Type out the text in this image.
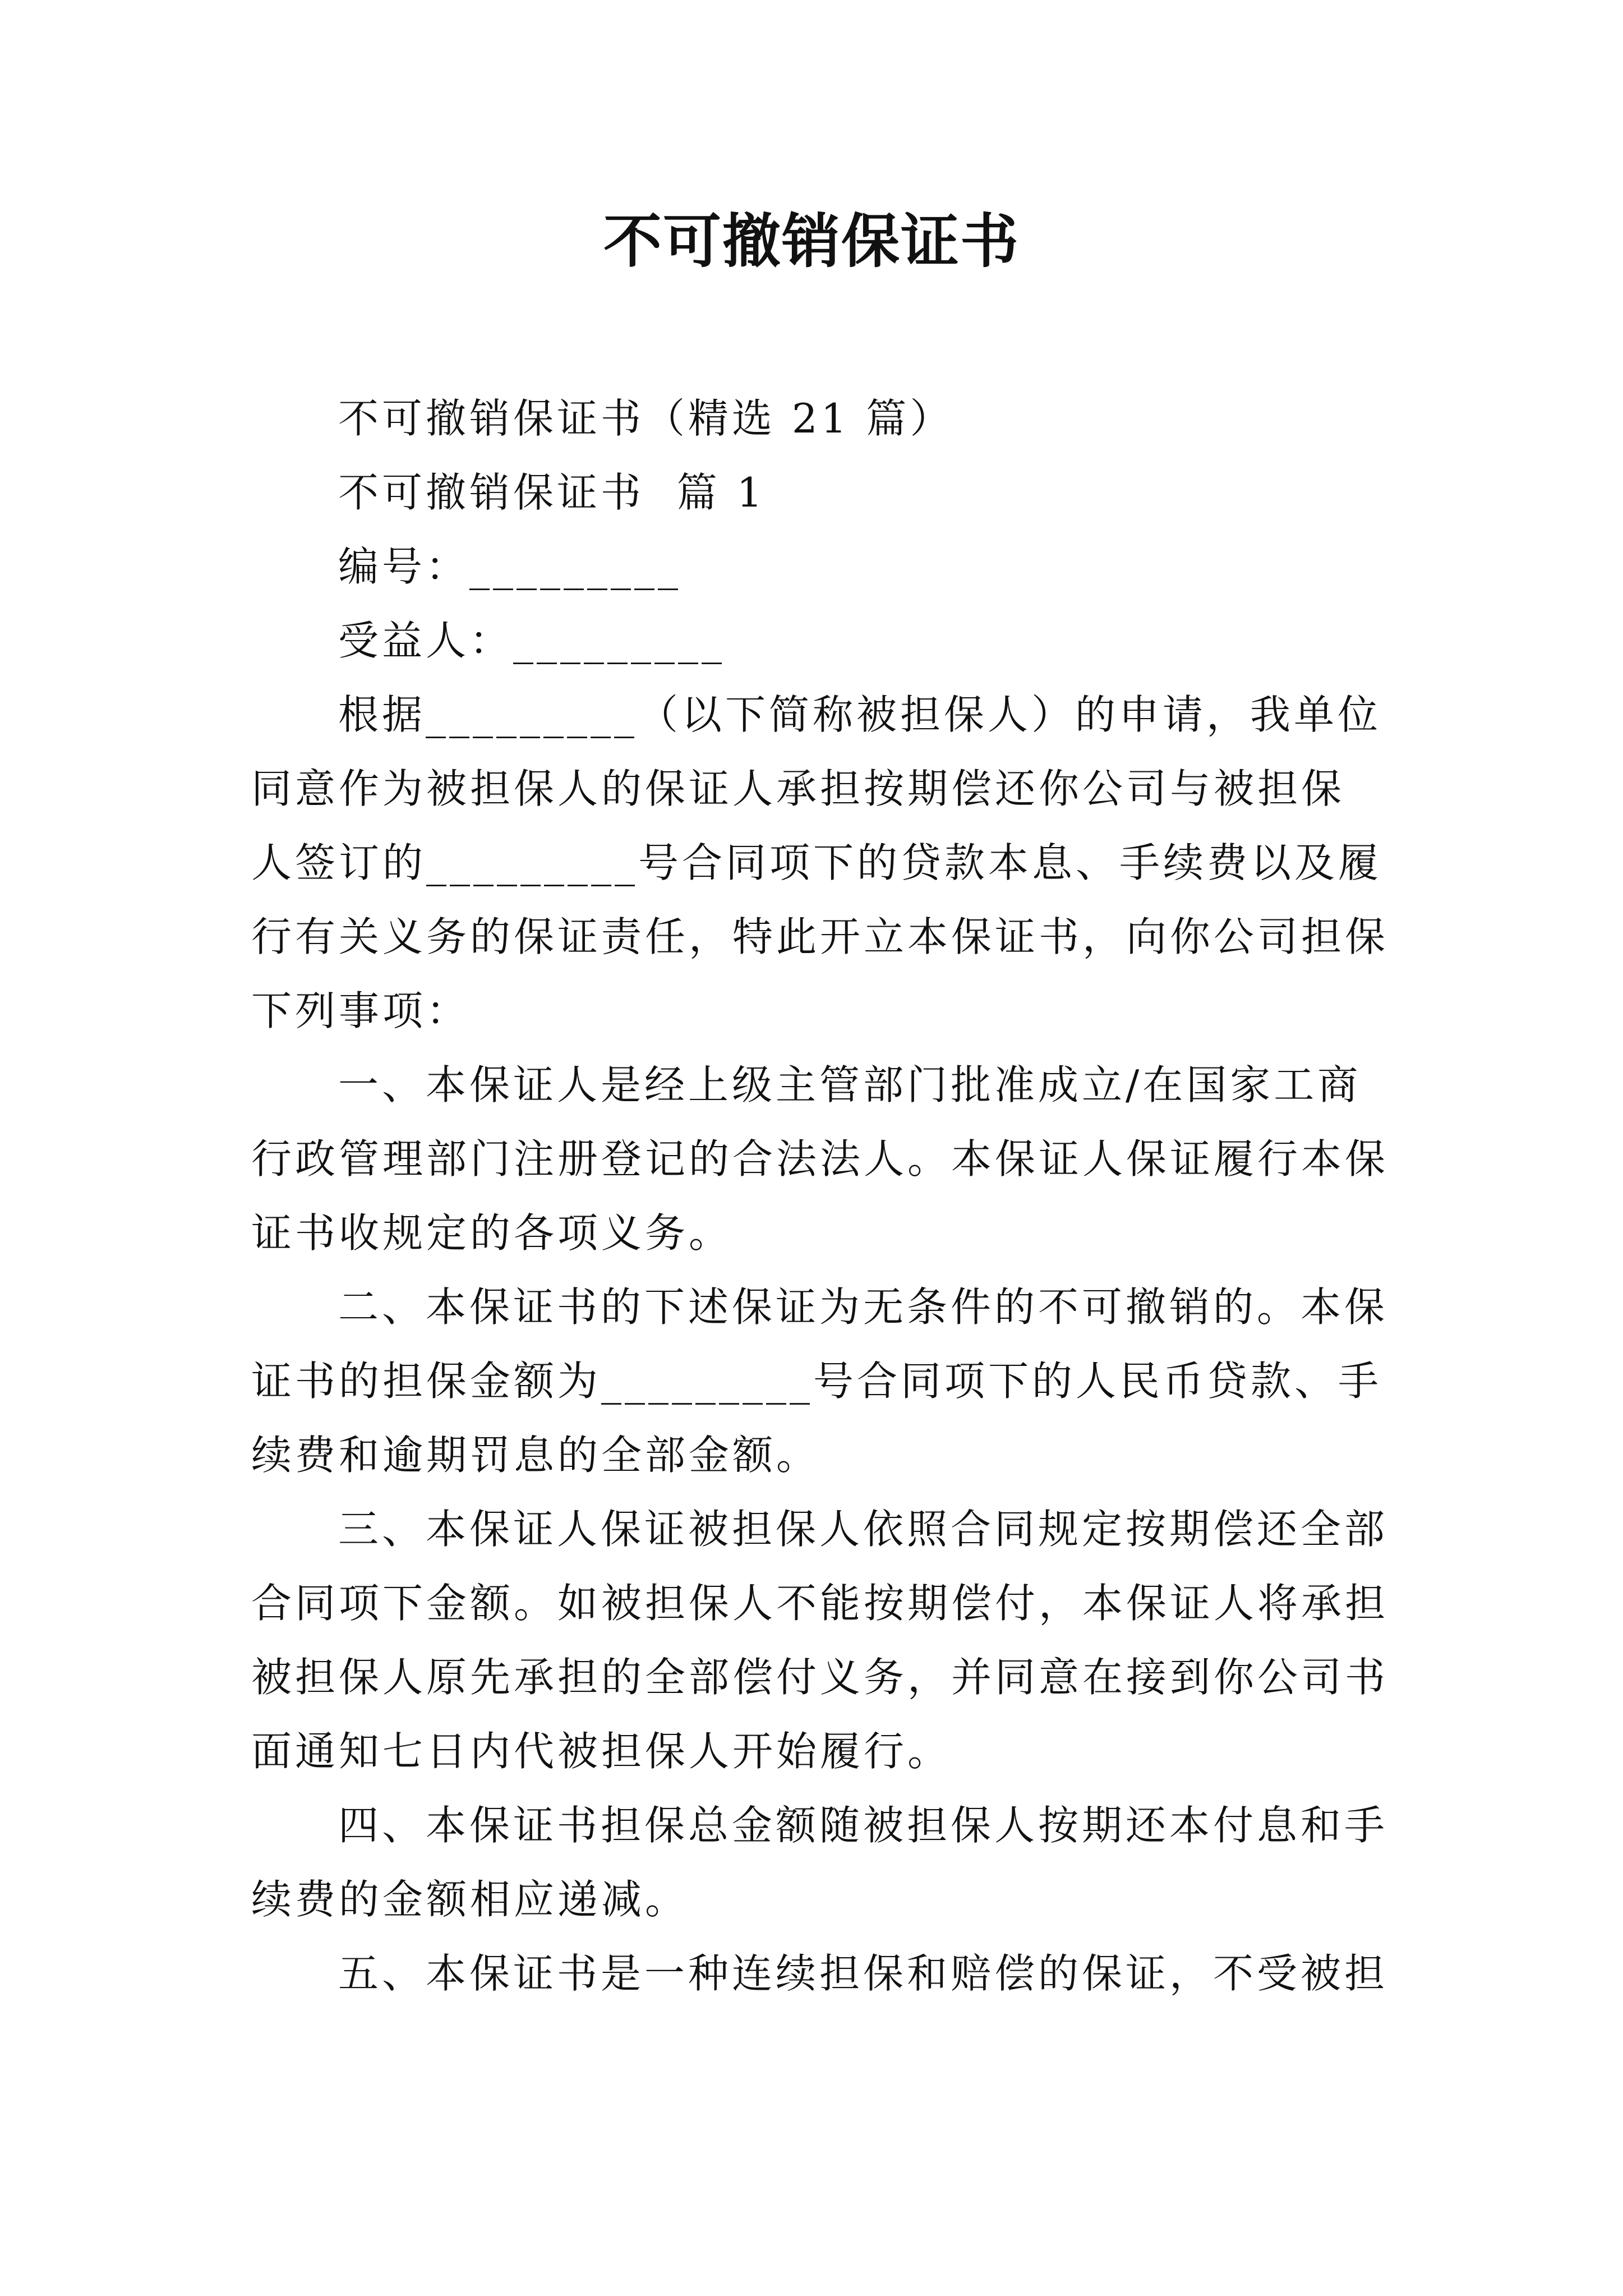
不可撤销保证书
不可撤销保证书（精选 21 篇）
不可撤销保证书  篇 1
编号：_________
受益人：_________
根据_________（以下简称被担保人）的申请，我单位
同意作为被担保人的保证人承担按期偿还你公司与被担保
人签订的_________号合同项下的贷款本息、手续费以及履
行有关义务的保证责任，特此开立本保证书，向你公司担保
下列事项：
一、本保证人是经上级主管部门批准成立/在国家工商
行政管理部门注册登记的合法法人。本保证人保证履行本保
证书收规定的各项义务。
二、本保证书的下述保证为无条件的不可撤销的。本保
证书的担保金额为_________号合同项下的人民币贷款、手
续费和逾期罚息的全部金额。
三、本保证人保证被担保人依照合同规定按期偿还全部
合同项下金额。如被担保人不能按期偿付，本保证人将承担
被担保人原先承担的全部偿付义务，并同意在接到你公司书
面通知七日内代被担保人开始履行。
四、本保证书担保总金额随被担保人按期还本付息和手
续费的金额相应递减。
五、本保证书是一种连续担保和赔偿的保证，不受被担
